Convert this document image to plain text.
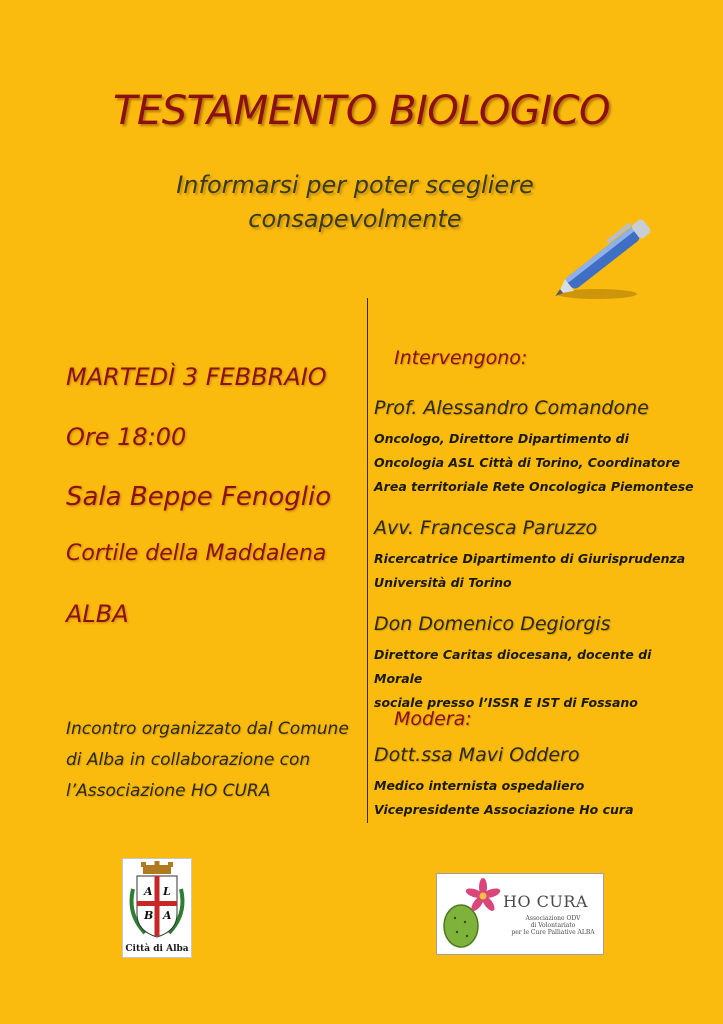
TESTAMENTO BIOLOGICO
Informarsi per poter scegliere
consapevolmente
MARTEDÌ 3 FEBBRAIO
Ore 18:00
Sala Beppe Fenoglio
Cortile della Maddalena
ALBA
Incontro organizzato dal Comune
di Alba in collaborazione con
l’Associazione HO CURA
Intervengono:
Prof. Alessandro Comandone
Oncologo, Direttore Dipartimento di
Oncologia ASL Città di Torino, Coordinatore
Area territoriale Rete Oncologica Piemontese
Avv. Francesca Paruzzo
Ricercatrice Dipartimento di Giurisprudenza
Università di Torino
Don Domenico Degiorgis
Direttore Caritas diocesana, docente di Morale
sociale presso l’ISSR E IST di Fossano
Modera:
Dott.ssa Mavi Oddero
Medico internista ospedaliero
Vicepresidente Associazione Ho cura
A L
B A
Città di Alba
HO CURA
Associazione ODV
di Volontariato
per le Cure Palliative ALBA
